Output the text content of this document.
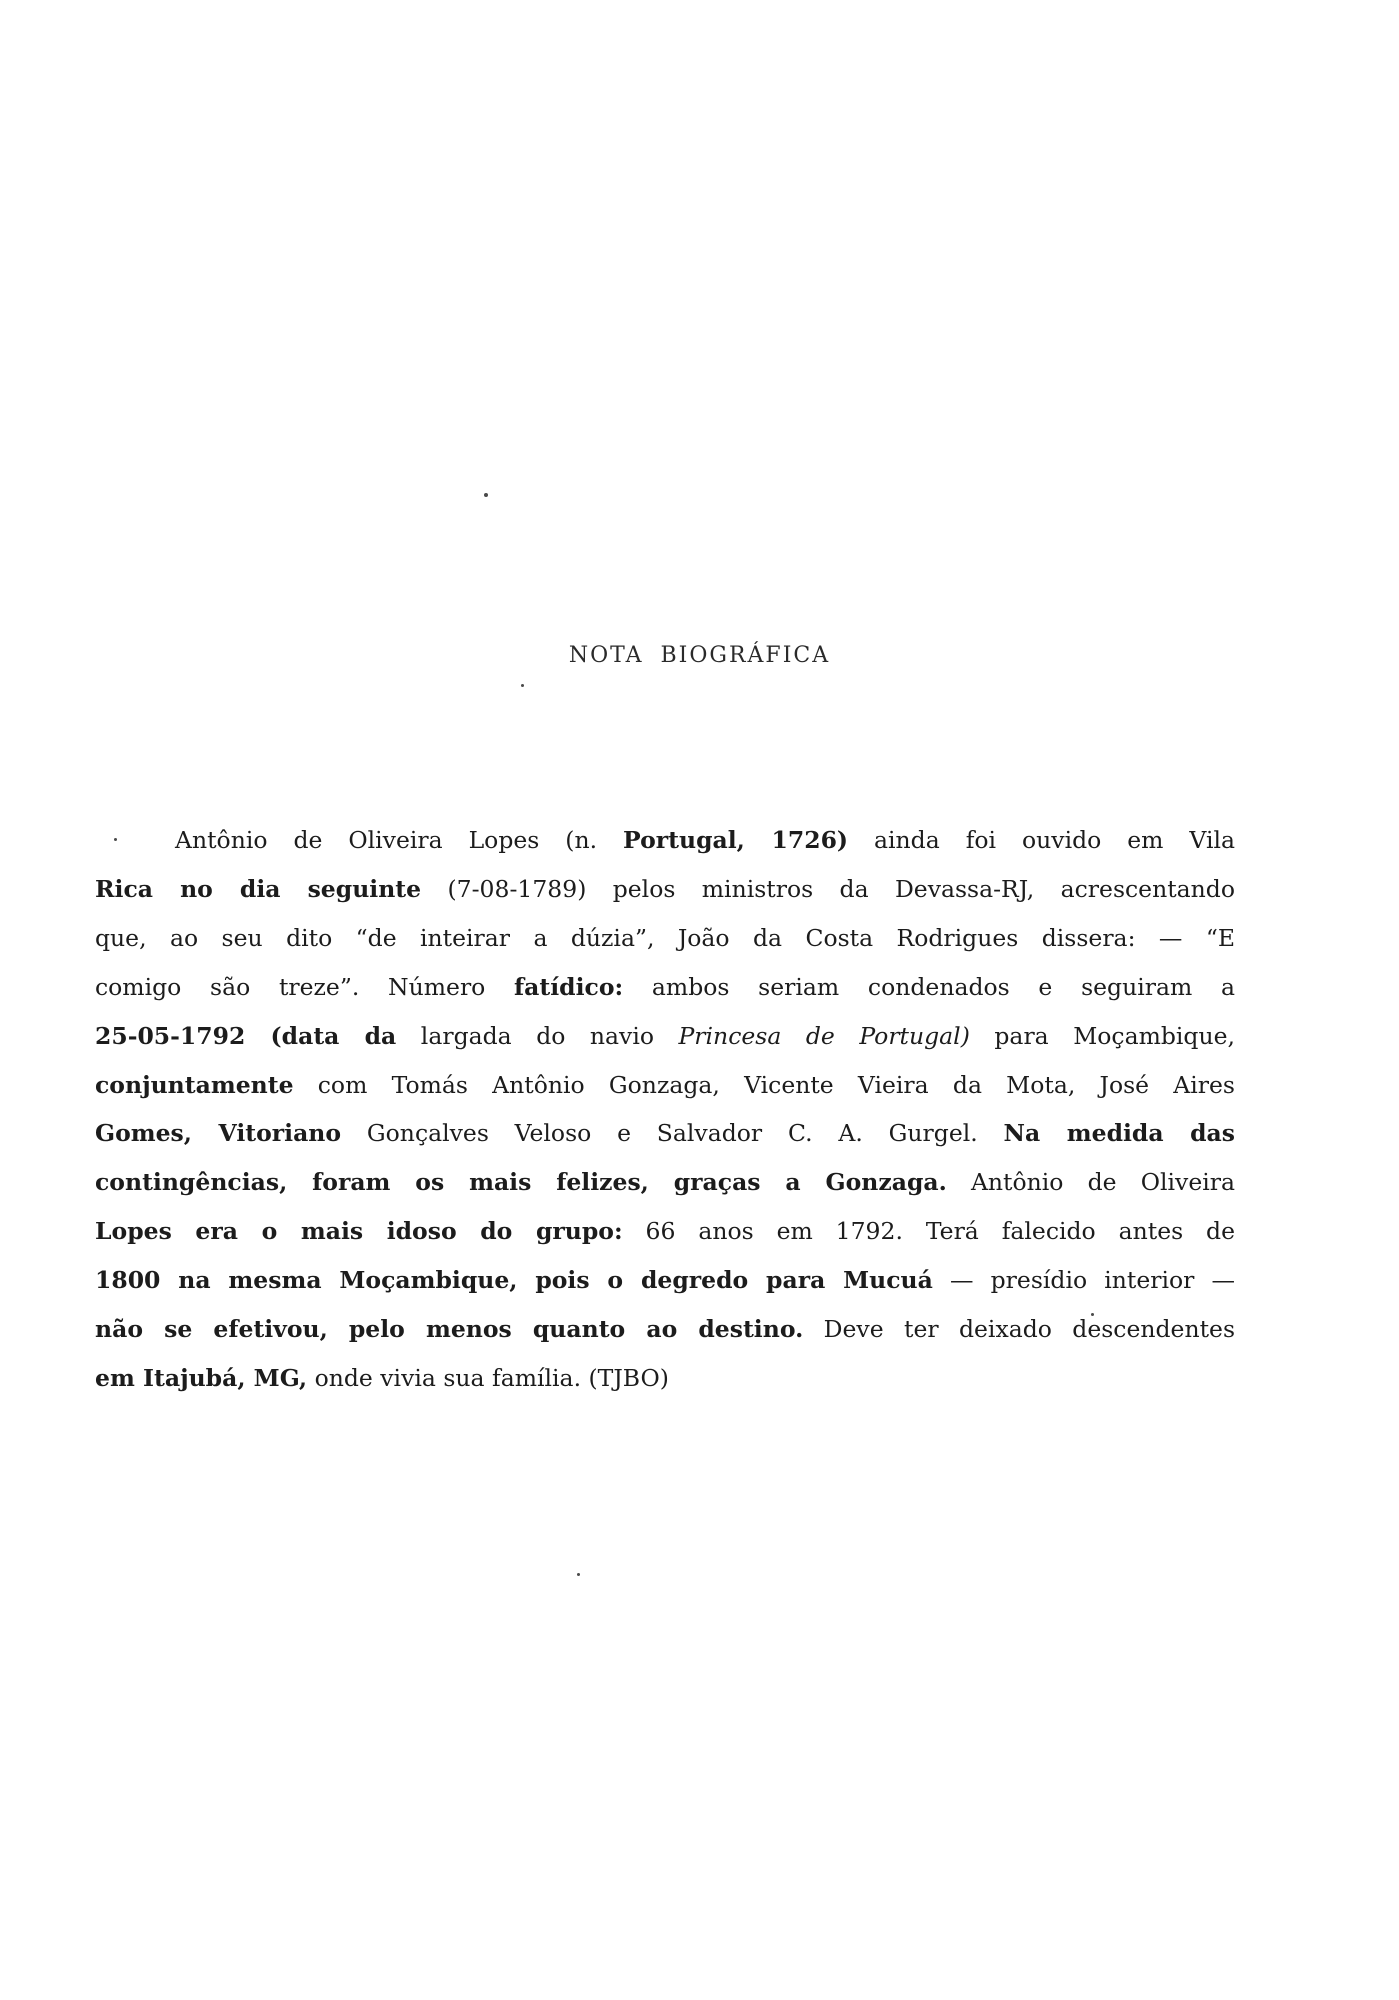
NOTA BIOGRÁFICA
Antônio de Oliveira Lopes (n. Portugal, 1726) ainda foi ouvido em Vila
Rica no dia seguinte (7-08-1789) pelos ministros da Devassa-RJ, acrescentando
que, ao seu dito “de inteirar a dúzia”, João da Costa Rodrigues dissera: — “E
comigo são treze”. Número fatídico: ambos seriam condenados e seguiram a
25-05-1792 (data da largada do navio Princesa de Portugal) para Moçambique,
conjuntamente com Tomás Antônio Gonzaga, Vicente Vieira da Mota, José Aires
Gomes, Vitoriano Gonçalves Veloso e Salvador C. A. Gurgel. Na medida das
contingências, foram os mais felizes, graças a Gonzaga. Antônio de Oliveira
Lopes era o mais idoso do grupo: 66 anos em 1792. Terá falecido antes de
1800 na mesma Moçambique, pois o degredo para Mucuá — presídio interior —
não se efetivou, pelo menos quanto ao destino. Deve ter deixado descendentes
em Itajubá, MG, onde vivia sua família. (TJBO)
